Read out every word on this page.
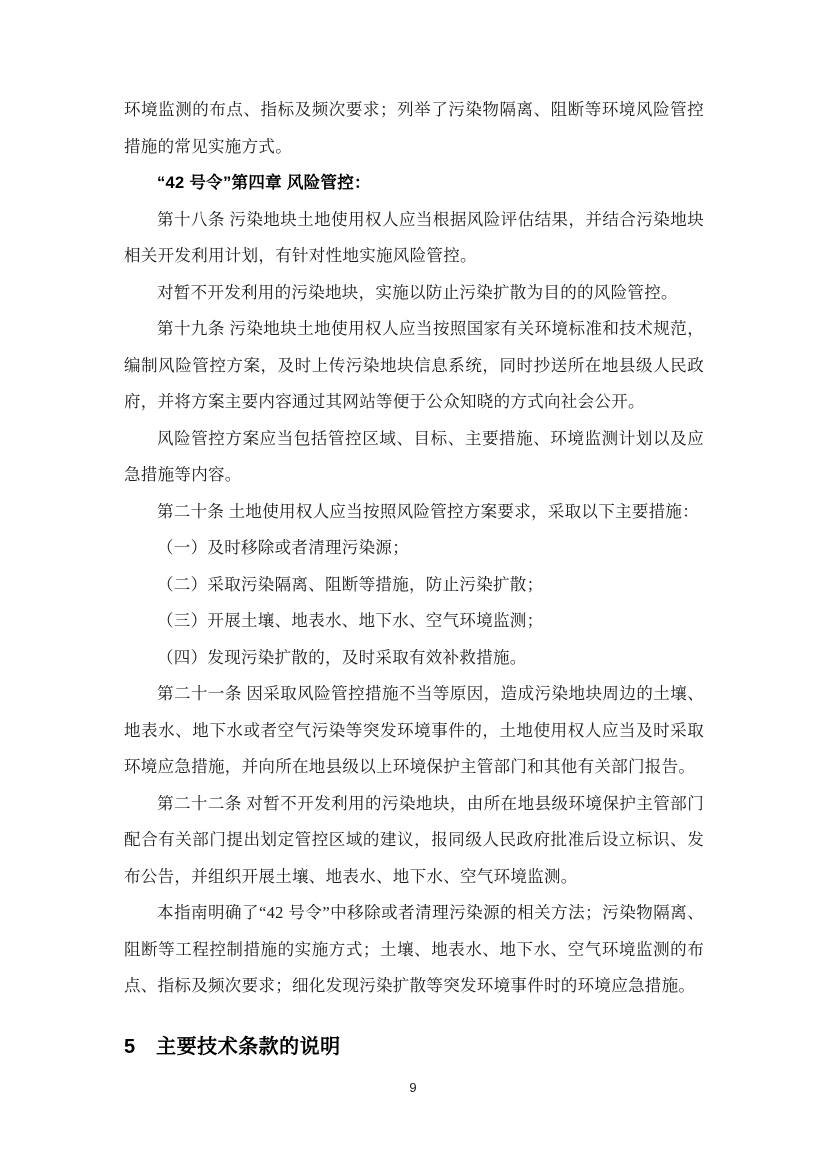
环境监测的布点、指标及频次要求；列举了污染物隔离、阻断等环境风险管控措施的常见实施方式。

“42 号令”第四章 风险管控：

第十八条 污染地块土地使用权人应当根据风险评估结果，并结合污染地块相关开发利用计划，有针对性地实施风险管控。

对暂不开发利用的污染地块，实施以防止污染扩散为目的的风险管控。

第十九条 污染地块土地使用权人应当按照国家有关环境标准和技术规范，编制风险管控方案，及时上传污染地块信息系统，同时抄送所在地县级人民政府，并将方案主要内容通过其网站等便于公众知晓的方式向社会公开。

风险管控方案应当包括管控区域、目标、主要措施、环境监测计划以及应急措施等内容。

第二十条 土地使用权人应当按照风险管控方案要求，采取以下主要措施：

（一）及时移除或者清理污染源；

（二）采取污染隔离、阻断等措施，防止污染扩散；

（三）开展土壤、地表水、地下水、空气环境监测；

（四）发现污染扩散的，及时采取有效补救措施。

第二十一条 因采取风险管控措施不当等原因，造成污染地块周边的土壤、地表水、地下水或者空气污染等突发环境事件的，土地使用权人应当及时采取环境应急措施，并向所在地县级以上环境保护主管部门和其他有关部门报告。

第二十二条 对暂不开发利用的污染地块，由所在地县级环境保护主管部门配合有关部门提出划定管控区域的建议，报同级人民政府批准后设立标识、发布公告，并组织开展土壤、地表水、地下水、空气环境监测。

本指南明确了“42 号令”中移除或者清理污染源的相关方法；污染物隔离、阻断等工程控制措施的实施方式；土壤、地表水、地下水、空气环境监测的布点、指标及频次要求；细化发现污染扩散等突发环境事件时的环境应急措施。

5　主要技术条款的说明
9
